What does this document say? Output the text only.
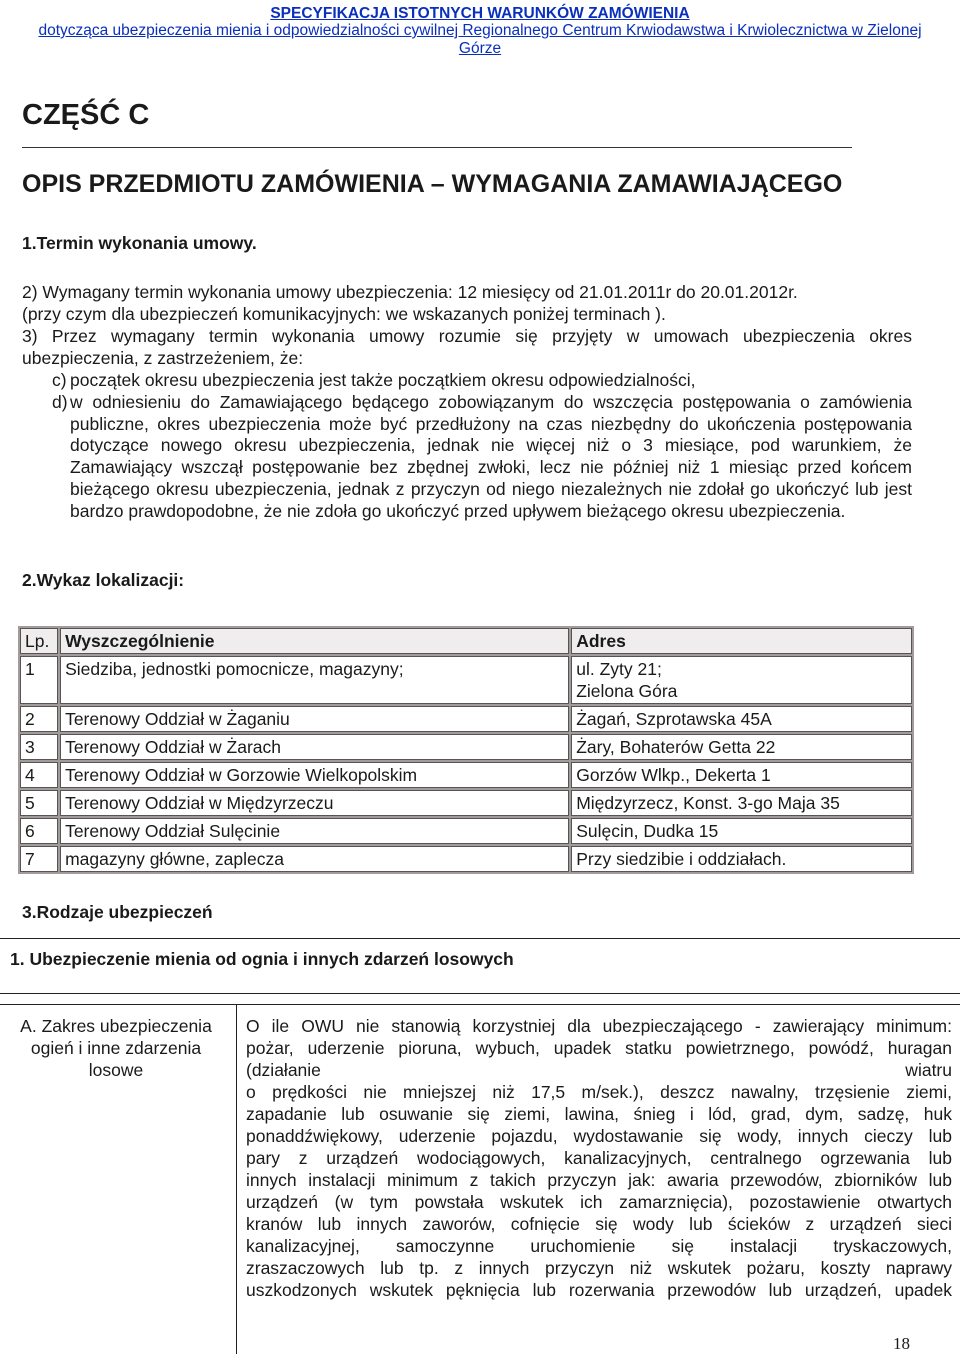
SPECYFIKACJA ISTOTNYCH WARUNKÓW ZAMÓWIENIA
dotycząca ubezpieczenia mienia i odpowiedzialności cywilnej Regionalnego Centrum Krwiodawstwa i Krwiolecznictwa w Zielonej Górze
CZĘŚĆ C
OPIS PRZEDMIOTU ZAMÓWIENIA – WYMAGANIA ZAMAWIAJĄCEGO
1.Termin wykonania umowy.
2) Wymagany termin wykonania umowy ubezpieczenia: 12 miesięcy od 21.01.2011r do 20.01.2012r.
(przy czym dla ubezpieczeń komunikacyjnych: we wskazanych poniżej terminach ).
3) Przez wymagany termin wykonania umowy rozumie się przyjęty w umowach ubezpieczenia okres ubezpieczenia, z zastrzeżeniem, że:
c) początek okresu ubezpieczenia jest także początkiem okresu odpowiedzialności,
d) w odniesieniu do Zamawiającego będącego zobowiązanym do wszczęcia postępowania o zamówienia publiczne, okres ubezpieczenia może być przedłużony na czas niezbędny do ukończenia postępowania dotyczące nowego okresu ubezpieczenia, jednak nie więcej niż o 3 miesiące, pod warunkiem, że Zamawiający wszczął postępowanie bez zbędnej zwłoki, lecz nie później niż 1 miesiąc przed końcem bieżącego okresu ubezpieczenia, jednak z przyczyn od niego niezależnych nie zdołał go ukończyć lub jest bardzo prawdopodobne, że nie zdoła go ukończyć przed upływem bieżącego okresu ubezpieczenia.
2.Wykaz lokalizacji:
Lp.	Wyszczególnienie	Adres
1	Siedziba, jednostki pomocnicze, magazyny;	ul. Zyty 21;
Zielona Góra

2	Terenowy Oddział w Żaganiu	Żagań, Szprotawska 45A
3	Terenowy Oddział w Żarach	Żary, Bohaterów Getta 22
4	Terenowy Oddział w Gorzowie Wielkopolskim	Gorzów Wlkp., Dekerta 1
5	Terenowy Oddział w Międzyrzeczu	Międzyrzecz, Konst. 3-go Maja 35
6	Terenowy Oddział Sulęcinie	Sulęcin, Dudka 15
7	magazyny główne, zaplecza	Przy siedzibie i oddziałach.
3.Rodzaje ubezpieczeń
1. Ubezpieczenie mienia od ognia i innych zdarzeń losowych
A. Zakres ubezpieczenia ogień i inne zdarzenia losowe
O ile OWU nie stanowią korzystniej dla ubezpieczającego - zawierający minimum:
pożar, uderzenie pioruna, wybuch, upadek statku powietrznego, powódź, huragan
(działanie                                                                                      wiatru
o prędkości nie mniejszej niż 17,5 m/sek.), deszcz nawalny, trzęsienie ziemi,
zapadanie lub osuwanie się ziemi, lawina, śnieg i lód, grad, dym, sadzę, huk
ponaddźwiękowy, uderzenie pojazdu, wydostawanie się wody, innych cieczy lub
pary z urządzeń wodociągowych, kanalizacyjnych, centralnego ogrzewania lub
innych instalacji minimum z takich przyczyn jak: awaria przewodów, zbiorników lub
urządzeń (w tym powstała wskutek ich zamarznięcia), pozostawienie otwartych
kranów lub innych zaworów, cofnięcie się wody lub ścieków z urządzeń sieci
kanalizacyjnej,    samoczynne    uruchomienie    się    instalacji    tryskaczowych,
zraszaczowych lub tp. z innych przyczyn niż wskutek pożaru, koszty naprawy
uszkodzonych wskutek pęknięcia lub rozerwania przewodów lub urządzeń, upadek
18
